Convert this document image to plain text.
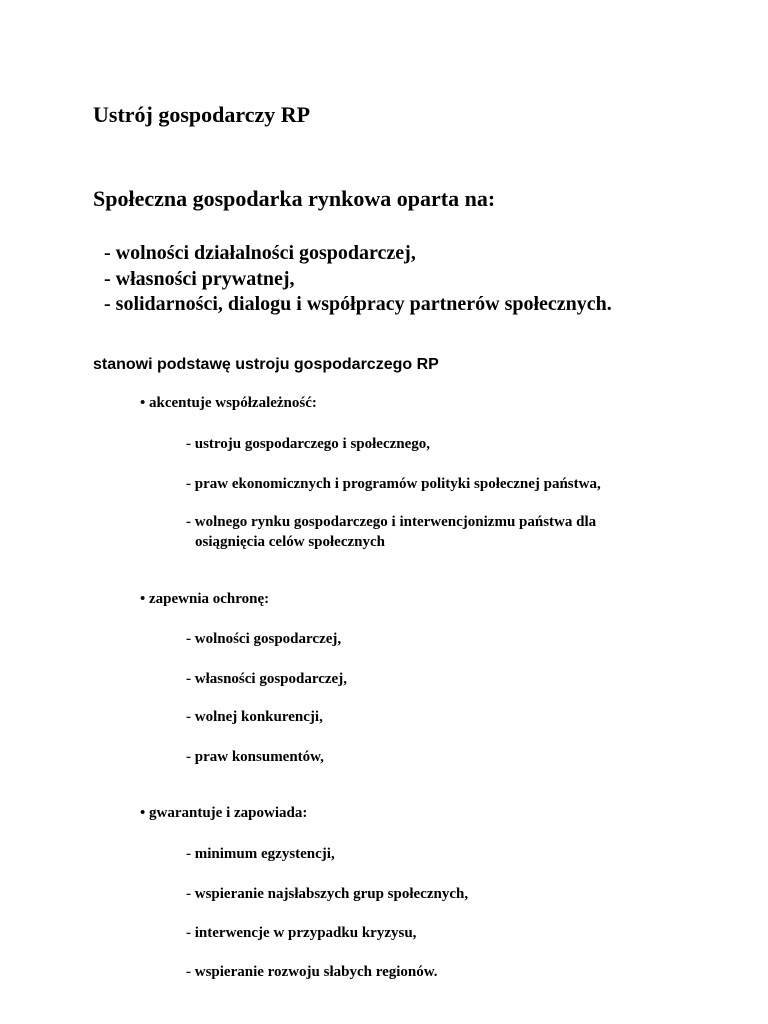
Ustrój gospodarczy RP
Społeczna gospodarka rynkowa oparta na:
- wolności działalności gospodarczej,
- własności prywatnej,
- solidarności, dialogu i współpracy partnerów społecznych.
stanowi podstawę ustroju gospodarczego RP
• akcentuje współzależność:
- ustroju gospodarczego i społecznego,
- praw ekonomicznych i programów polityki społecznej państwa,
- wolnego rynku gospodarczego i interwencjonizmu państwa dla
osiągnięcia celów społecznych
• zapewnia ochronę:
- wolności gospodarczej,
- własności gospodarczej,
- wolnej konkurencji,
- praw konsumentów,
• gwarantuje i zapowiada:
- minimum egzystencji,
- wspieranie najsłabszych grup społecznych,
- interwencje w przypadku kryzysu,
- wspieranie rozwoju słabych regionów.
